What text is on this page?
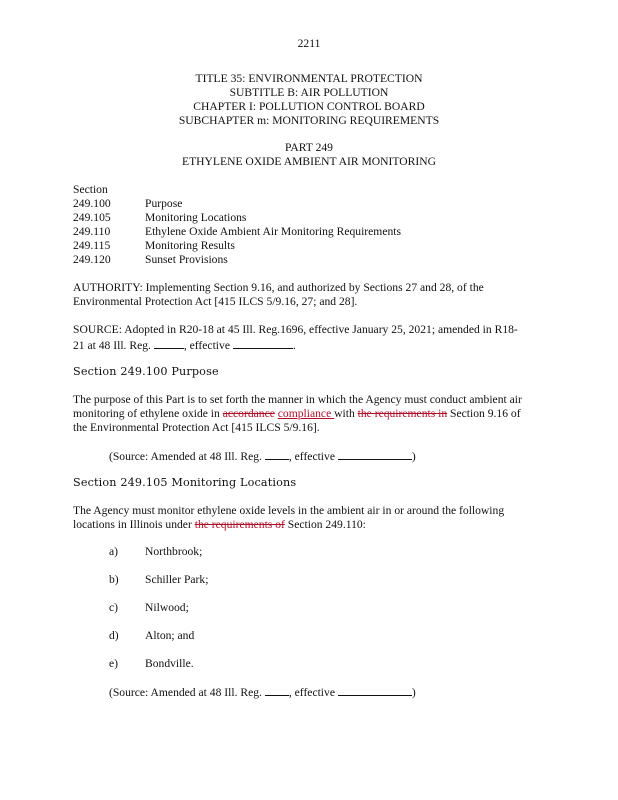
2211
TITLE 35: ENVIRONMENTAL PROTECTION
SUBTITLE B: AIR POLLUTION
CHAPTER I: POLLUTION CONTROL BOARD
SUBCHAPTER m: MONITORING REQUIREMENTS
PART 249
ETHYLENE OXIDE AMBIENT AIR MONITORING
Section
249.100	Purpose
249.105	Monitoring Locations
249.110	Ethylene Oxide Ambient Air Monitoring Requirements
249.115	Monitoring Results
249.120	Sunset Provisions
AUTHORITY: Implementing Section 9.16, and authorized by Sections 27 and 28, of the
Environmental Protection Act [415 ILCS 5/9.16, 27; and 28].
SOURCE: Adopted in R20-18 at 45 Ill. Reg.1696, effective January 25, 2021; amended in R18-
21 at 48 Ill. Reg.	, effective	.
Section 249.100 Purpose
The purpose of this Part is to set forth the manner in which the Agency must conduct ambient air
monitoring of ethylene oxide in accordance compliance with the requirements in Section 9.16 of
the Environmental Protection Act [415 ILCS 5/9.16].
(Source: Amended at 48 Ill. Reg. , effective	)
Section 249.105 Monitoring Locations
The Agency must monitor ethylene oxide levels in the ambient air in or around the following
locations in Illinois under the requirements of Section 249.110:
a) Northbrook;
b) Schiller Park;
c) Nilwood;
d) Alton; and
e) Bondville.
(Source: Amended at 48 Ill. Reg. , effective	)
